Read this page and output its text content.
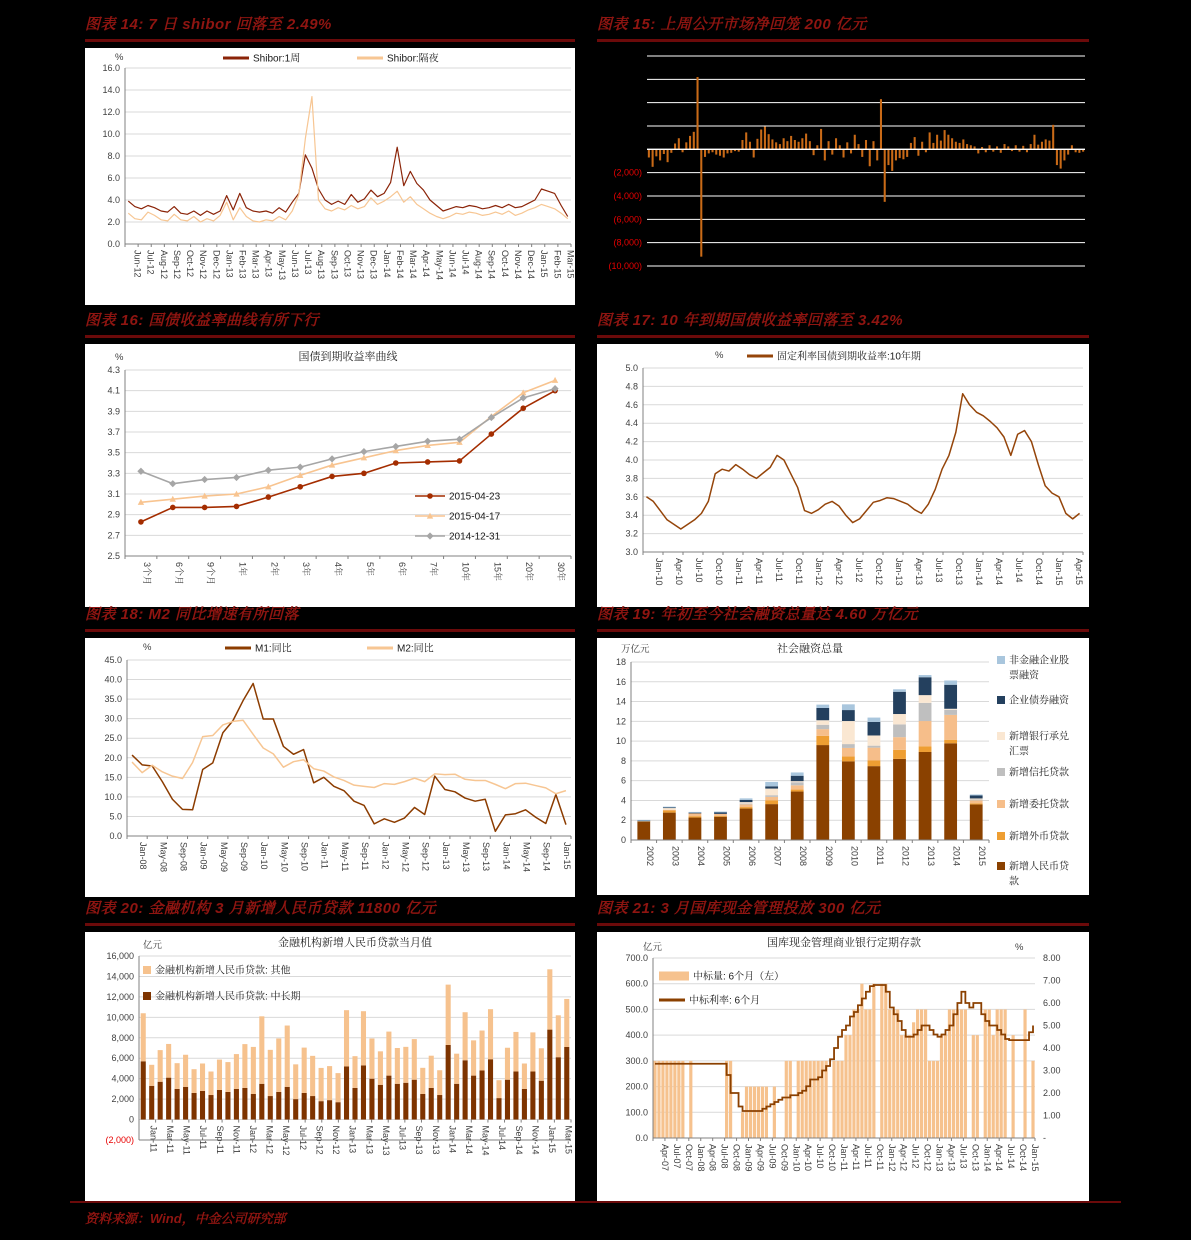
图表 14: 7 日 shibor 回落至 2.49%
0.0
2.0
4.0
6.0
8.0
10.0
12.0
14.0
16.0
Jun-12 Jul-12 Aug-12 Sep-12 Oct-12 Nov-12 Dec-12 Jan-13 Feb-13 Mar-13 Apr-13 May-13 Jun-13 Jul-13 Aug-13 Sep-13 Oct-13 Nov-13 Dec-13 Jan-14 Feb-14 Mar-14 Apr-14 May-14 Jun-14 Jul-14 Aug-14 Sep-14 Oct-14 Nov-14 Dec-14 Jan-15 Feb-15 Mar-15
%	Shibor:1周	Shibor:隔夜
图表 15: 上周公开市场净回笼 200 亿元
(2,000)
(4,000)
(6,000)
(8,000)
(10,000)
图表 16: 国债收益率曲线有所下行
2.5
2.7
2.9
3.1
3.3
3.5
3.7
3.9
4.1
4.3
3个月 6个月 9个月 1年 2年 3年 4年 5年 6年 7年 10年 15年 20年 30年
国债到期收益率曲线
%
2015-04-23
2015-04-17
2014-12-31
图表 17: 10 年到期国债收益率回落至 3.42%
3.0
3.2
3.4
3.6
3.8
4.0
4.2
4.4
4.6
4.8
5.0
Jan-10 Apr-10 Jul-10 Oct-10 Jan-11 Apr-11 Jul-11 Oct-11 Jan-12 Apr-12 Jul-12 Oct-12 Jan-13 Apr-13 Jul-13 Oct-13 Jan-14 Apr-14 Jul-14 Oct-14 Jan-15 Apr-15
%	固定利率国债到期收益率:10年期
图表 18: M2 同比增速有所回落
0.0
5.0
10.0
15.0
20.0
25.0
30.0
35.0
40.0
45.0
Jan-08 May-08 Sep-08 Jan-09 May-09 Sep-09 Jan-10 May-10 Sep-10 Jan-11 May-11 Sep-11 Jan-12 May-12 Sep-12 Jan-13 May-13 Sep-13 Jan-14 May-14 Sep-14 Jan-15
%	M1:同比	M2:同比
图表 19: 年初至今社会融资总量达 4.60 万亿元
0
2
4
6
8
10
12
14
16
18
2002 2003 2004 2005 2006 2007 2008 2009 2010 2011 2012 2013 2014 2015
社会融资总量
万亿元
非金融企业股
票融资
企业债券融资
新增银行承兑
汇票
新增信托贷款
新增委托贷款
新增外币贷款
新增人民币贷
款
图表 20: 金融机构 3 月新增人民币贷款 11800 亿元
(2,000)
0
2,000
4,000
6,000
8,000
10,000
12,000
14,000
16,000
Jan-11 Mar-11 May-11 Jul-11 Sep-11 Nov-11 Jan-12 Mar-12 May-12 Jul-12 Sep-12 Nov-12 Jan-13 Mar-13 May-13 Jul-13 Sep-13 Nov-13 Jan-14 Mar-14 May-14 Jul-14 Sep-14 Nov-14 Jan-15 Mar-15
金融机构新增人民币贷款当月值
亿元
金融机构新增人民币贷款: 其他
金融机构新增人民币贷款: 中长期
图表 21: 3 月国库现金管理投放 300 亿元
0.0
100.0
200.0
300.0
400.0
500.0
600.0
700.0
-
1.00
2.00
3.00
4.00
5.00
6.00
7.00
8.00
Apr-07 Jul-07 Oct-07 Jan-08 Apr-08 Jul-08 Oct-08 Jan-09 Apr-09 Jul-09 Oct-09 Jan-10 Apr-10 Jul-10 Oct-10 Jan-11 Apr-11 Jul-11 Oct-11 Jan-12 Apr-12 Jul-12 Oct-12 Jan-13 Apr-13 Jul-13 Oct-13 Jan-14 Apr-14 Jul-14 Oct-14 Jan-15
国库现金管理商业银行定期存款
亿元	%
中标量: 6个月（左）
中标利率: 6个月
资料来源：Wind，中金公司研究部
